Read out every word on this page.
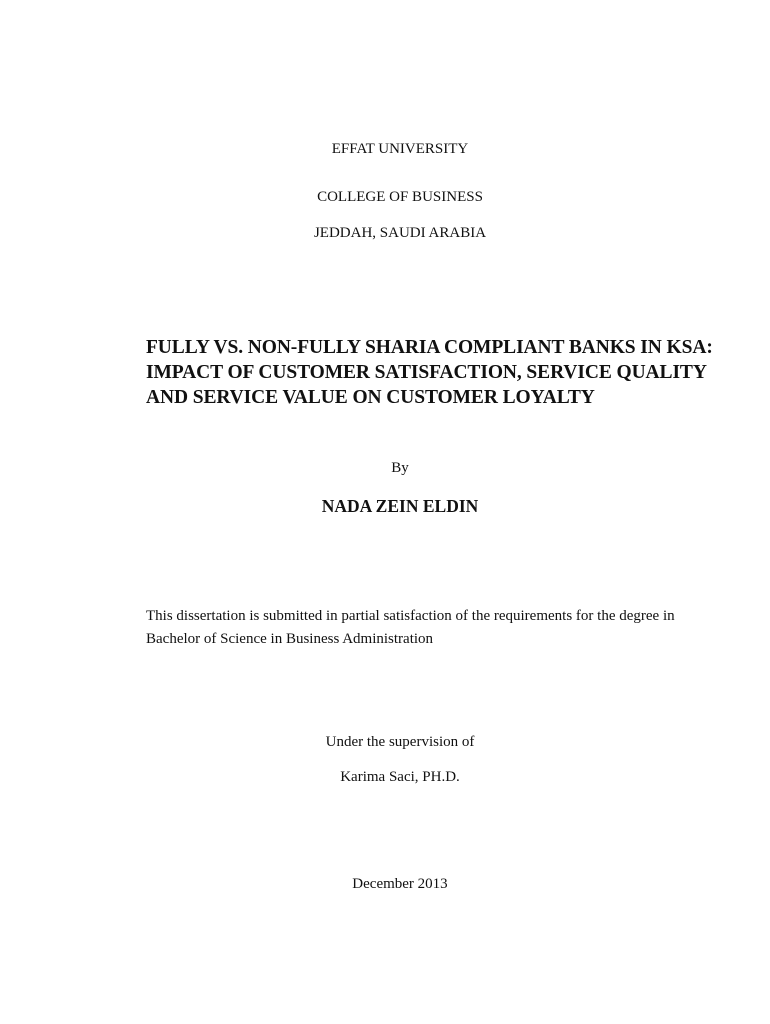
EFFAT UNIVERSITY
COLLEGE OF BUSINESS
JEDDAH, SAUDI ARABIA
FULLY VS. NON-FULLY SHARIA COMPLIANT BANKS IN KSA:
IMPACT OF CUSTOMER SATISFACTION, SERVICE QUALITY
AND SERVICE VALUE ON CUSTOMER LOYALTY
By
NADA ZEIN ELDIN
This dissertation is submitted in partial satisfaction of the requirements for the degree in
Bachelor of Science in Business Administration
Under the supervision of
Karima Saci, PH.D.
December 2013
